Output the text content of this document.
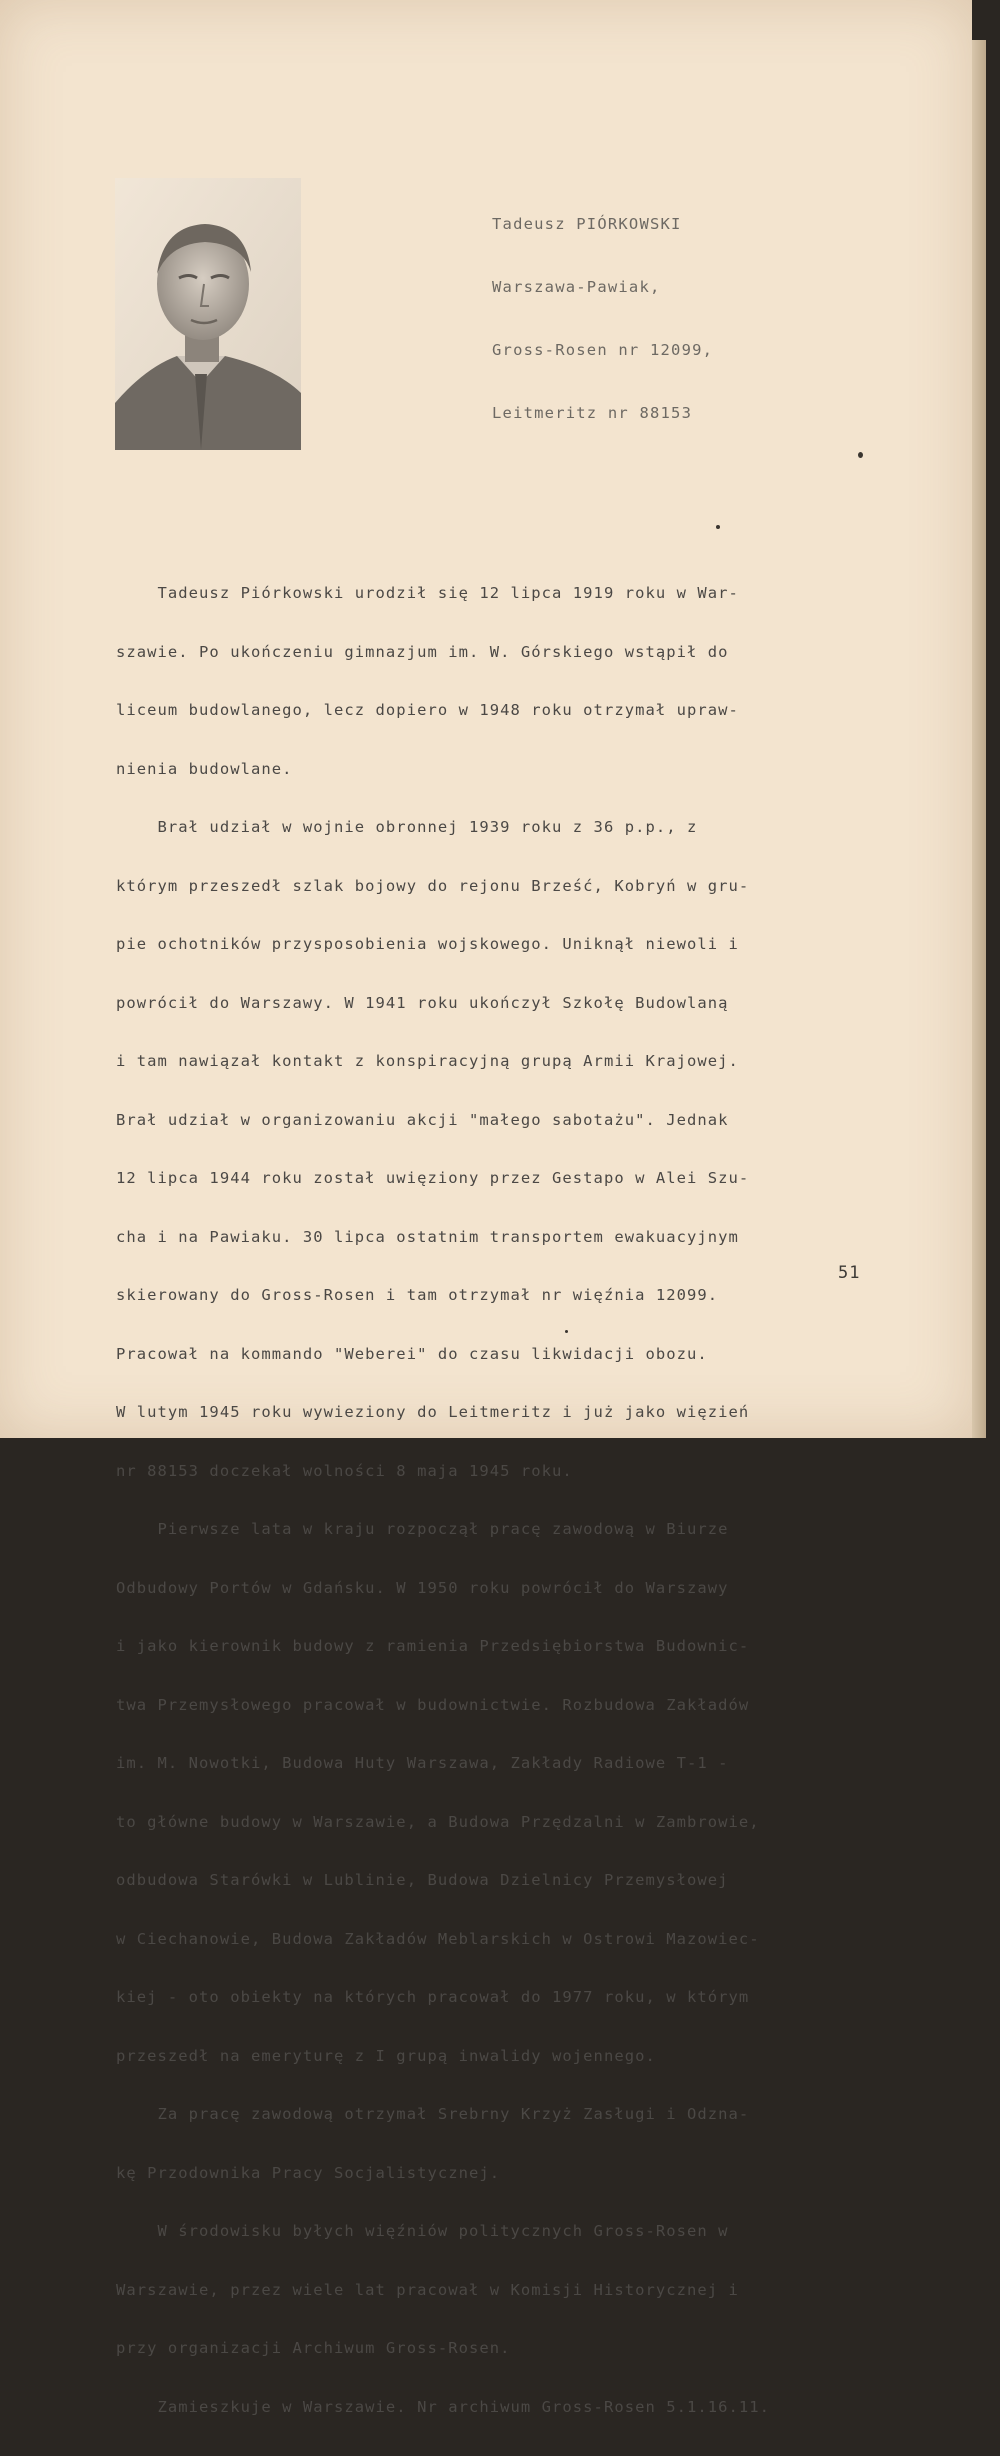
Tadeusz PIÓRKOWSKI

Warszawa-Pawiak,

Gross-Rosen nr 12099,

Leitmeritz nr 88153

Tadeusz Piórkowski urodził się 12 lipca 1919 roku w War-

szawie. Po ukończeniu gimnazjum im. W. Górskiego wstąpił do

liceum budowlanego, lecz dopiero w 1948 roku otrzymał upraw-

nienia budowlane.

Brał udział w wojnie obronnej 1939 roku z 36 p.p., z

którym przeszedł szlak bojowy do rejonu Brześć, Kobryń w gru-

pie ochotników przysposobienia wojskowego. Uniknął niewoli i

powrócił do Warszawy. W 1941 roku ukończył Szkołę Budowlaną

i tam nawiązał kontakt z konspiracyjną grupą Armii Krajowej.

Brał udział w organizowaniu akcji "małego sabotażu". Jednak

12 lipca 1944 roku został uwięziony przez Gestapo w Alei Szu-

cha i na Pawiaku. 30 lipca ostatnim transportem ewakuacyjnym

skierowany do Gross-Rosen i tam otrzymał nr więźnia 12099.

Pracował na kommando "Weberei" do czasu likwidacji obozu.

W lutym 1945 roku wywieziony do Leitmeritz i już jako więzień

nr 88153 doczekał wolności 8 maja 1945 roku.

Pierwsze lata w kraju rozpoczął pracę zawodową w Biurze

Odbudowy Portów w Gdańsku. W 1950 roku powrócił do Warszawy

i jako kierownik budowy z ramienia Przedsiębiorstwa Budownic-

twa Przemysłowego pracował w budownictwie. Rozbudowa Zakładów

im. M. Nowotki, Budowa Huty Warszawa, Zakłady Radiowe T-1 -

to główne budowy w Warszawie, a Budowa Przędzalni w Zambrowie,

odbudowa Starówki w Lublinie, Budowa Dzielnicy Przemysłowej

w Ciechanowie, Budowa Zakładów Meblarskich w Ostrowi Mazowiec-

kiej - oto obiekty na których pracował do 1977 roku, w którym

przeszedł na emeryturę z I grupą inwalidy wojennego.

Za pracę zawodową otrzymał Srebrny Krzyż Zasługi i Odzna-

kę Przodownika Pracy Socjalistycznej.

W środowisku byłych więźniów politycznych Gross-Rosen w

Warszawie, przez wiele lat pracował w Komisji Historycznej i

przy organizacji Archiwum Gross-Rosen.

Zamieszkuje w Warszawie. Nr archiwum Gross-Rosen 5.1.16.11.

51
